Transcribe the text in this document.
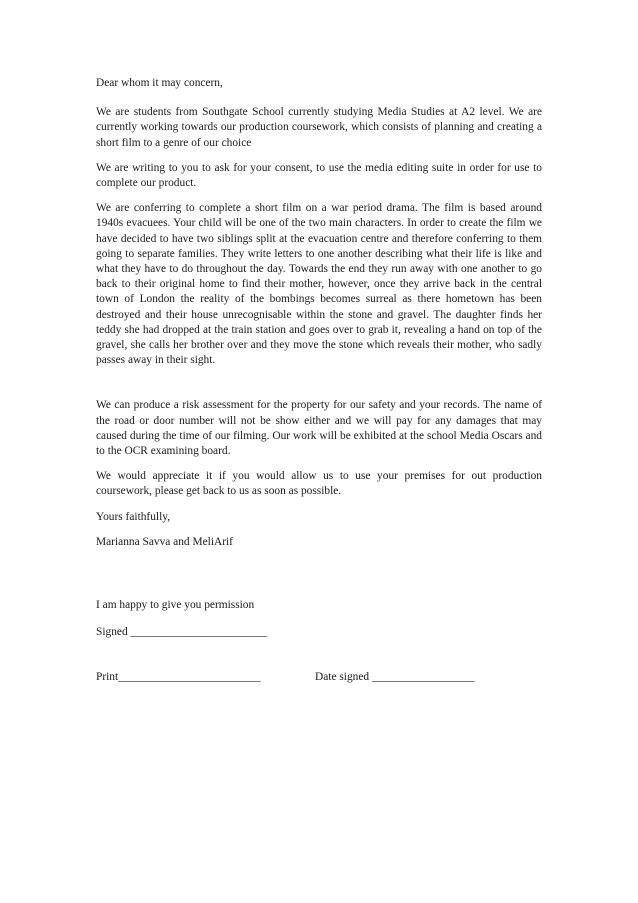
Dear whom it may concern,

We are students from Southgate School currently studying Media Studies at A2 level. We are currently working towards our production coursework, which consists of planning and creating a short film to a genre of our choice

We are writing to you to ask for your consent, to use the media editing suite in order for use to complete our product.

We are conferring to complete a short film on a war period drama. The film is based around 1940s evacuees. Your child will be one of the two main characters. In order to create the film we have decided to have two siblings split at the evacuation centre and therefore conferring to them going to separate families. They write letters to one another describing what their life is like and what they have to do throughout the day. Towards the end they run away with one another to go back to their original home to find their mother, however, once they arrive back in the central town of London the reality of the bombings becomes surreal as there hometown has been destroyed and their house unrecognisable within the stone and gravel. The daughter finds her teddy she had dropped at the train station and goes over to grab it, revealing a hand on top of the gravel, she calls her brother over and they move the stone which reveals their mother, who sadly passes away in their sight.

We can produce a risk assessment for the property for our safety and your records. The name of the road or door number will not be show either and we will pay for any damages that may caused during the time of our filming. Our work will be exhibited at the school Media Oscars and to the OCR examining board.

We would appreciate it if you would allow us to use your premises for out production coursework, please get back to us as soon as possible.

Yours faithfully,

Marianna Savva and MeliArif

I am happy to give you permission

Signed ________________________

Print_________________________	Date signed __________________
